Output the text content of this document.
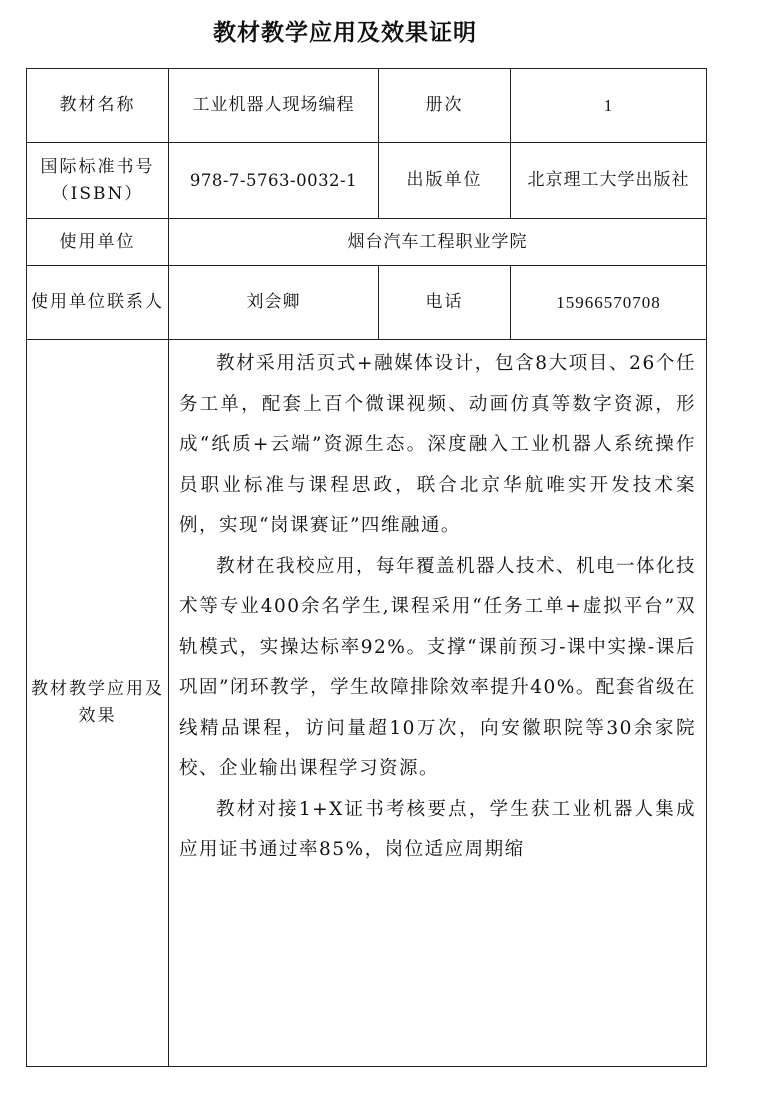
教材教学应用及效果证明
教材名称	工业机器人现场编程	册次	1
国际标准书号（ISBN）	978-7-5763-0032-1	出版单位	北京理工大学出版社
使用单位	烟台汽车工程职业学院		
使用单位联系人	刘会卿	电话	15966570708
教材教学应用及效果	教材采用活页式+融媒体设计，包含8大项目、26个任务工单，配套上百个微课视频、动画仿真等数字资源，形成“纸质+云端”资源生态。深度融入工业机器人系统操作员职业标准与课程思政，联合北京华航唯实开发技术案例，实现“岗课赛证”四维融通。

教材在我校应用，每年覆盖机器人技术、机电一体化技术等专业400余名学生,课程采用“任务工单+虚拟平台”双轨模式，实操达标率92%。支撑“课前预习-课中实操-课后巩固”闭环教学，学生故障排除效率提升40%。配套省级在线精品课程，访问量超10万次，向安徽职院等30余家院校、企业输出课程学习资源。

教材对接1+X证书考核要点，学生获工业机器人集成应用证书通过率85%，岗位适应周期缩		
